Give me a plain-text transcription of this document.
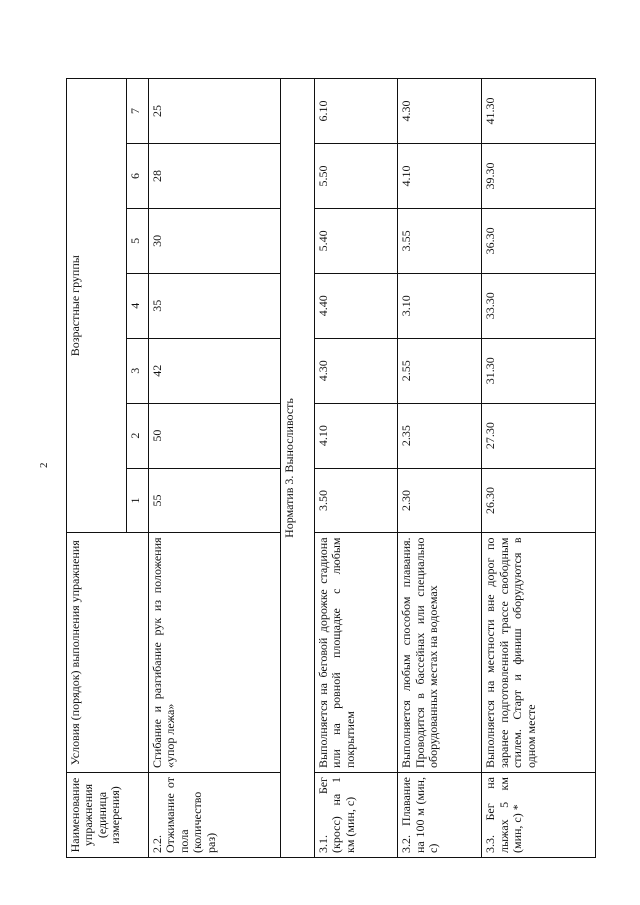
2
Наименование упражнения (единица измерения)	Условия (порядок) выполнения упражнения	Возрастные группы						
		1	2	3	4	5	6	7
2.2. Отжимание от пола (количество раз)	Сгибание и разгибание рук из положения «упор лежа»	55	50	42	35	30	28	25
Норматив 3. Выносливость								
3.1. Бег (кросс) на 1 км (мин, с)	Выполняется на беговой дорожке стадиона или на ровной площадке с любым покрытием	3.50	4.10	4.30	4.40	5.40	5.50	6.10
3.2. Плавание на 100 м (мин, с)	Выполняется любым способом плавания. Проводится в бассейнах или специально оборудованных местах на водоемах	2.30	2.35	2.55	3.10	3.55	4.10	4.30
3.3. Бег на лыжах 5 км (мин, с) *	Выполняется на местности вне дорог по заранее подготовленной трассе свободным стилем. Старт и финиш оборудуются в одном месте	26.30	27.30	31.30	33.30	36.30	39.30	41.30
